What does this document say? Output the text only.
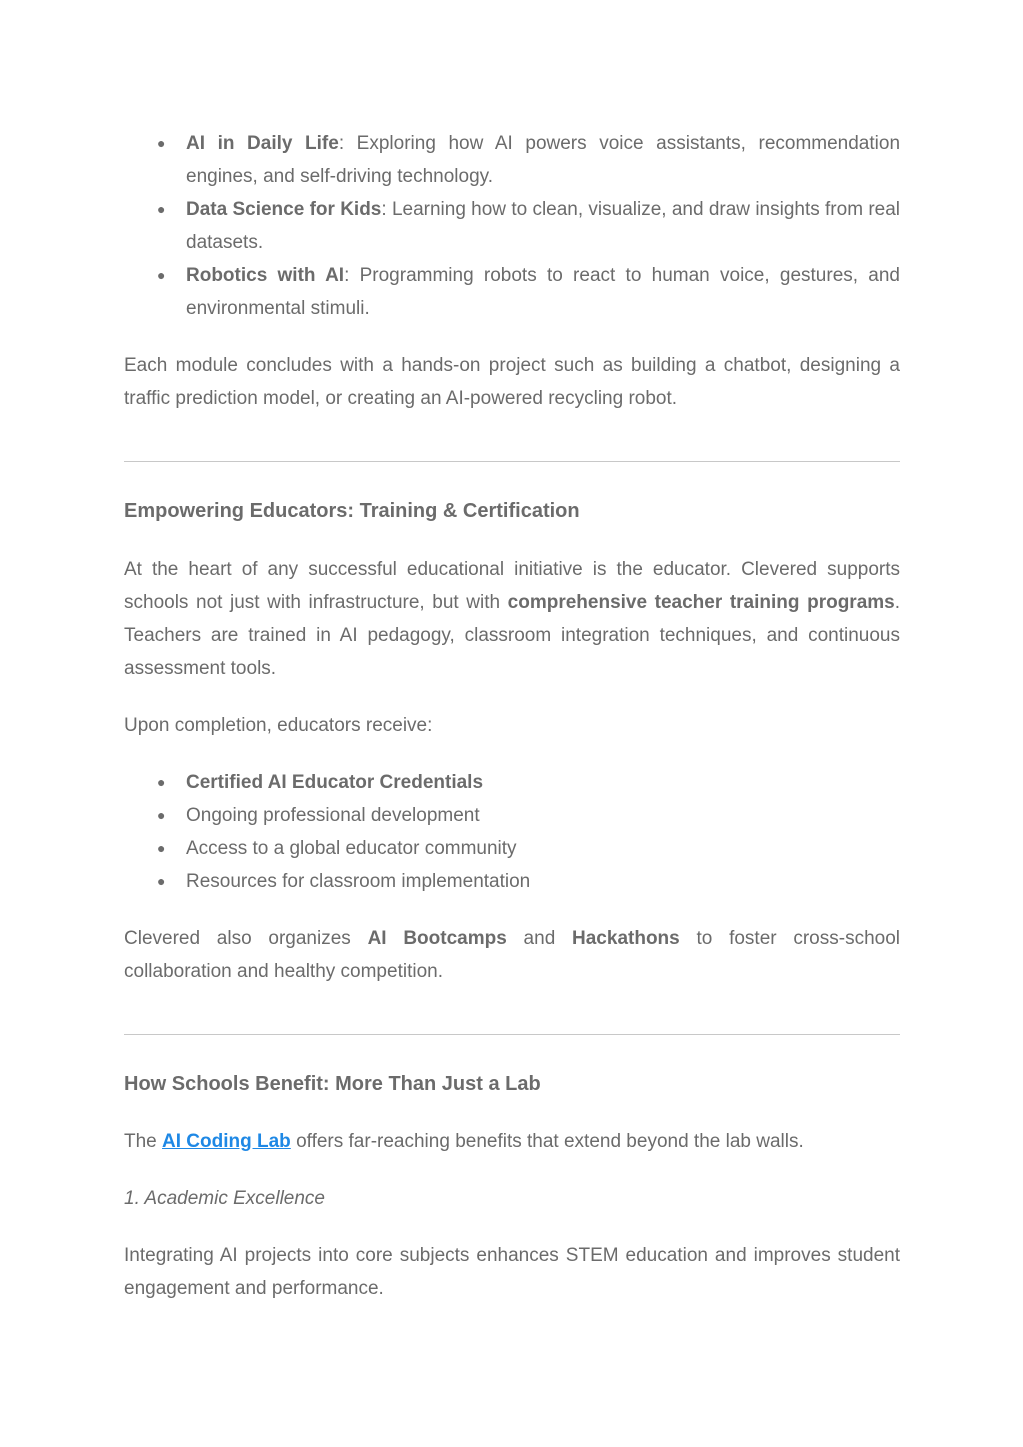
● AI in Daily Life: Exploring how AI powers voice assistants, recommendation engines, and self-driving technology.
● Data Science for Kids: Learning how to clean, visualize, and draw insights from real datasets.
● Robotics with AI: Programming robots to react to human voice, gestures, and environmental stimuli.

Each module concludes with a hands-on project such as building a chatbot, designing a traffic prediction model, or creating an AI-powered recycling robot.

Empowering Educators: Training & Certification

At the heart of any successful educational initiative is the educator. Clevered supports schools not just with infrastructure, but with comprehensive teacher training programs. Teachers are trained in AI pedagogy, classroom integration techniques, and continuous assessment tools.

Upon completion, educators receive:

● Certified AI Educator Credentials
● Ongoing professional development
● Access to a global educator community
● Resources for classroom implementation

Clevered also organizes AI Bootcamps and Hackathons to foster cross-school collaboration and healthy competition.

How Schools Benefit: More Than Just a Lab

The AI Coding Lab offers far-reaching benefits that extend beyond the lab walls.

1. Academic Excellence

Integrating AI projects into core subjects enhances STEM education and improves student engagement and performance.
